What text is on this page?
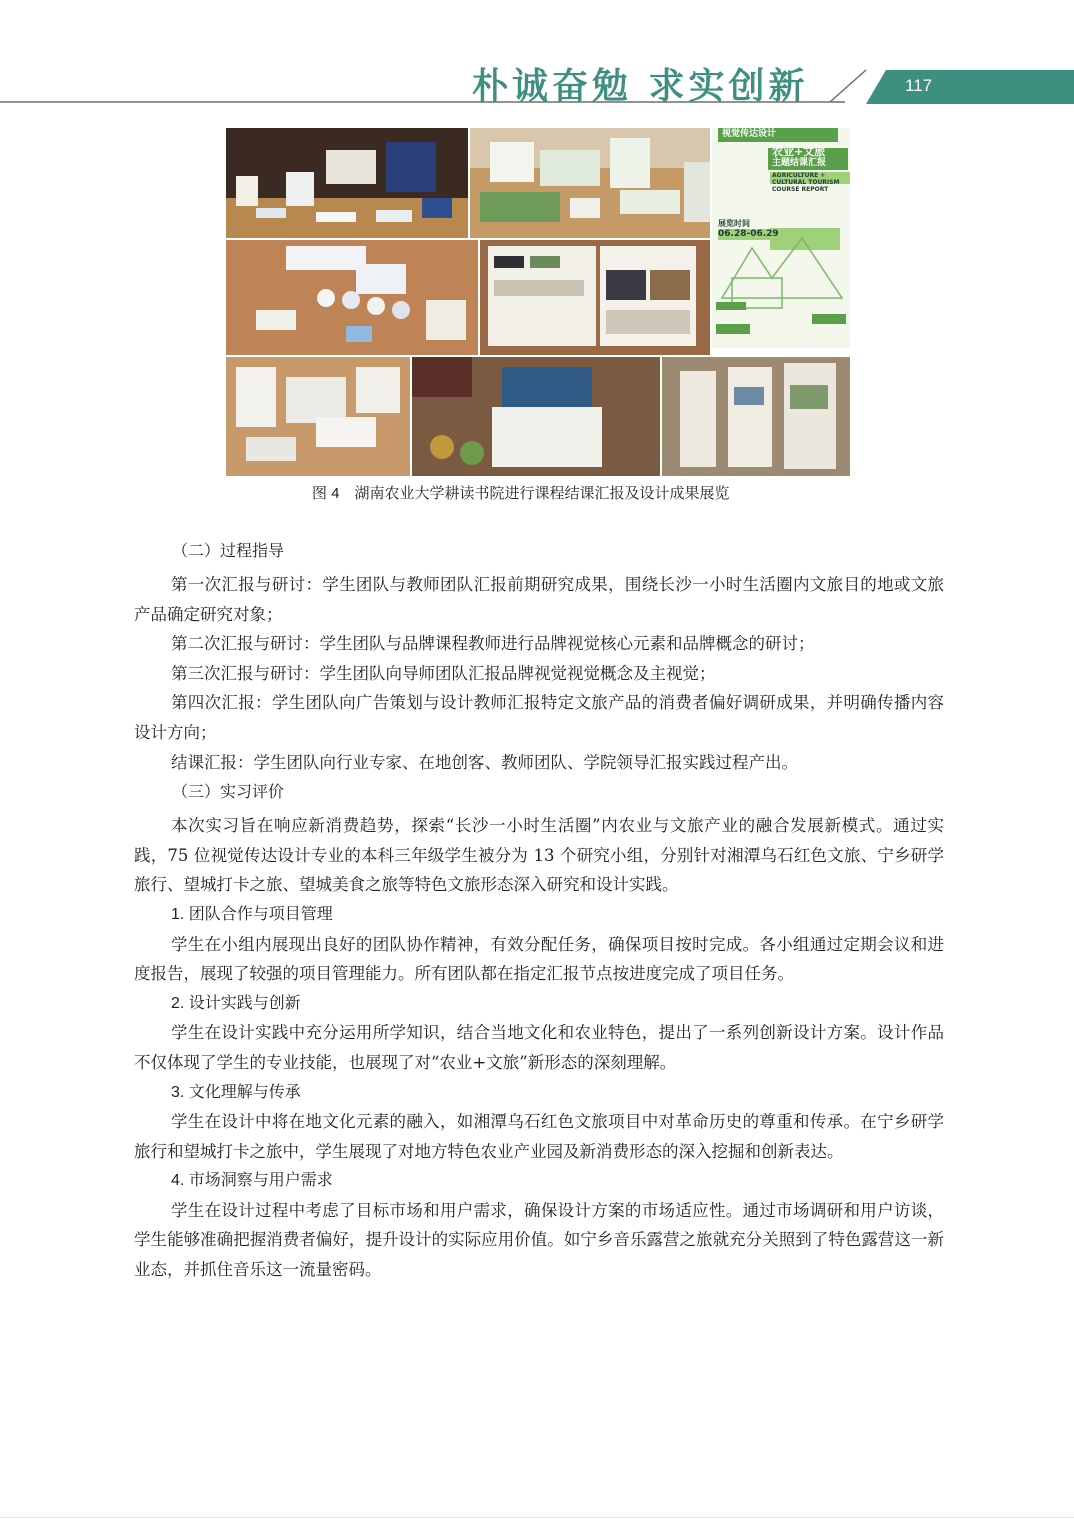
朴诚奋勉 求实创新	117
视觉传达设计
农业+文旅
主题结课汇报
AGRICULTURE +
CULTURAL TOURISM
COURSE REPORT
展览时间
06.28-06.29
图 4　湖南农业大学耕读书院进行课程结课汇报及设计成果展览

（二）过程指导

第一次汇报与研讨：学生团队与教师团队汇报前期研究成果，围绕长沙一小时生活圈内文旅目的地或文旅产品确定研究对象；

第二次汇报与研讨：学生团队与品牌课程教师进行品牌视觉核心元素和品牌概念的研讨；

第三次汇报与研讨：学生团队向导师团队汇报品牌视觉视觉概念及主视觉；

第四次汇报：学生团队向广告策划与设计教师汇报特定文旅产品的消费者偏好调研成果，并明确传播内容设计方向；

结课汇报：学生团队向行业专家、在地创客、教师团队、学院领导汇报实践过程产出。

（三）实习评价

本次实习旨在响应新消费趋势，探索“长沙一小时生活圈”内农业与文旅产业的融合发展新模式。通过实践，75 位视觉传达设计专业的本科三年级学生被分为 13 个研究小组，分别针对湘潭乌石红色文旅、宁乡研学旅行、望城打卡之旅、望城美食之旅等特色文旅形态深入研究和设计实践。

1. 团队合作与项目管理

学生在小组内展现出良好的团队协作精神，有效分配任务，确保项目按时完成。各小组通过定期会议和进度报告，展现了较强的项目管理能力。所有团队都在指定汇报节点按进度完成了项目任务。

2. 设计实践与创新

学生在设计实践中充分运用所学知识，结合当地文化和农业特色，提出了一系列创新设计方案。设计作品不仅体现了学生的专业技能，也展现了对“农业+文旅”新形态的深刻理解。

3. 文化理解与传承

学生在设计中将在地文化元素的融入，如湘潭乌石红色文旅项目中对革命历史的尊重和传承。在宁乡研学旅行和望城打卡之旅中，学生展现了对地方特色农业产业园及新消费形态的深入挖掘和创新表达。

4. 市场洞察与用户需求

学生在设计过程中考虑了目标市场和用户需求，确保设计方案的市场适应性。通过市场调研和用户访谈，学生能够准确把握消费者偏好，提升设计的实际应用价值。如宁乡音乐露营之旅就充分关照到了特色露营这一新业态，并抓住音乐这一流量密码。
